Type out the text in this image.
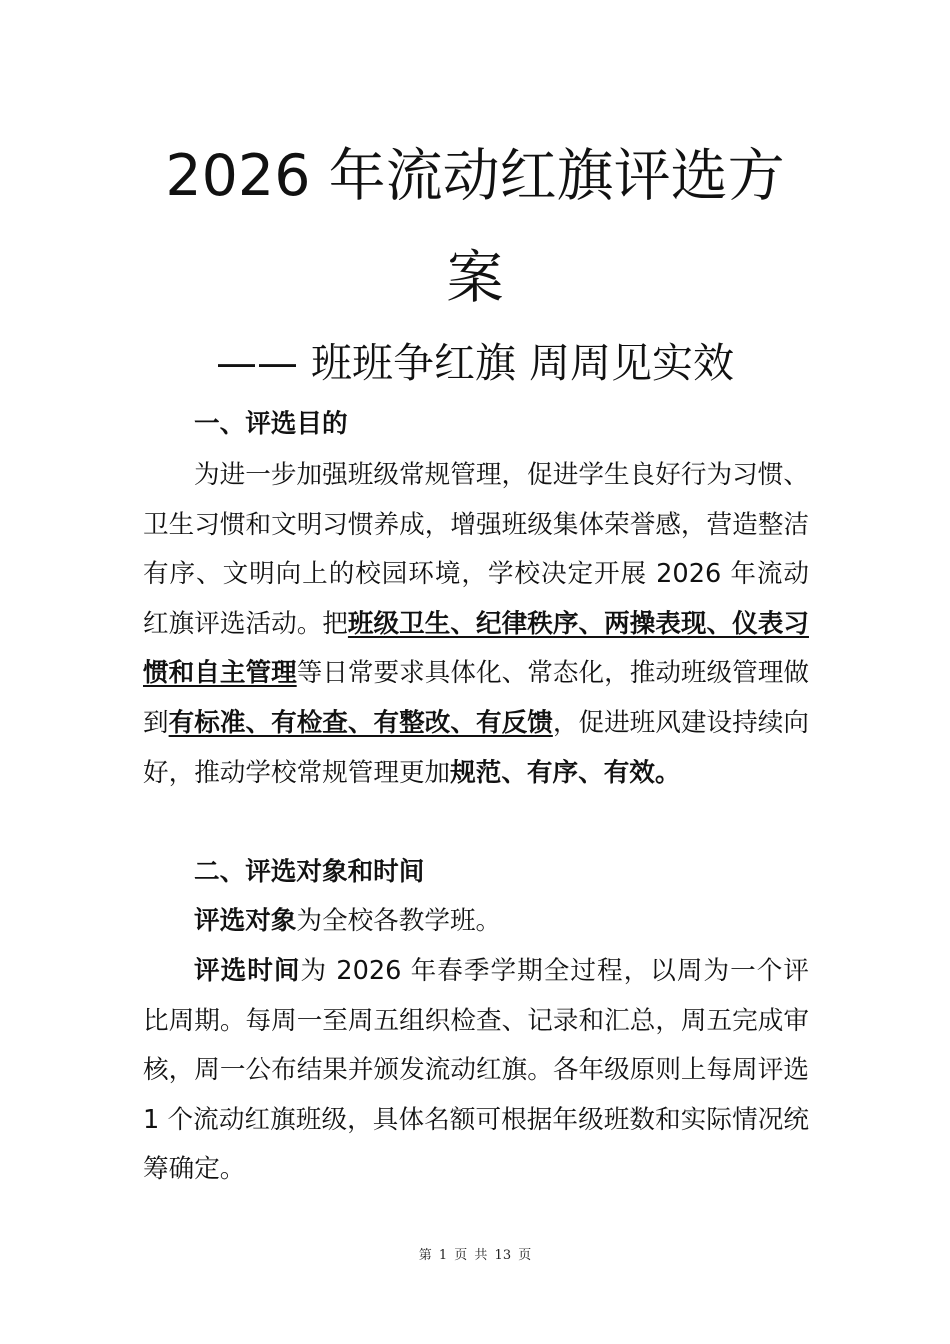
2026 年流动红旗评选方
案
—— 班班争红旗 周周见实效

一、评选目的

为进一步加强班级常规管理，促进学生良好行为习惯、卫生习惯和文明习惯养成，增强班级集体荣誉感，营造整洁有序、文明向上的校园环境，学校决定开展 2026 年流动红旗评选活动。把班级卫生、纪律秩序、两操表现、仪表习惯和自主管理等日常要求具体化、常态化，推动班级管理做到有标准、有检查、有整改、有反馈，促进班风建设持续向好，推动学校常规管理更加规范、有序、有效。

二、评选对象和时间

评选对象为全校各教学班。

评选时间为 2026 年春季学期全过程，以周为一个评比周期。每周一至周五组织检查、记录和汇总，周五完成审核，周一公布结果并颁发流动红旗。各年级原则上每周评选 1 个流动红旗班级，具体名额可根据年级班数和实际情况统筹确定。

第 1 页 共 13 页
